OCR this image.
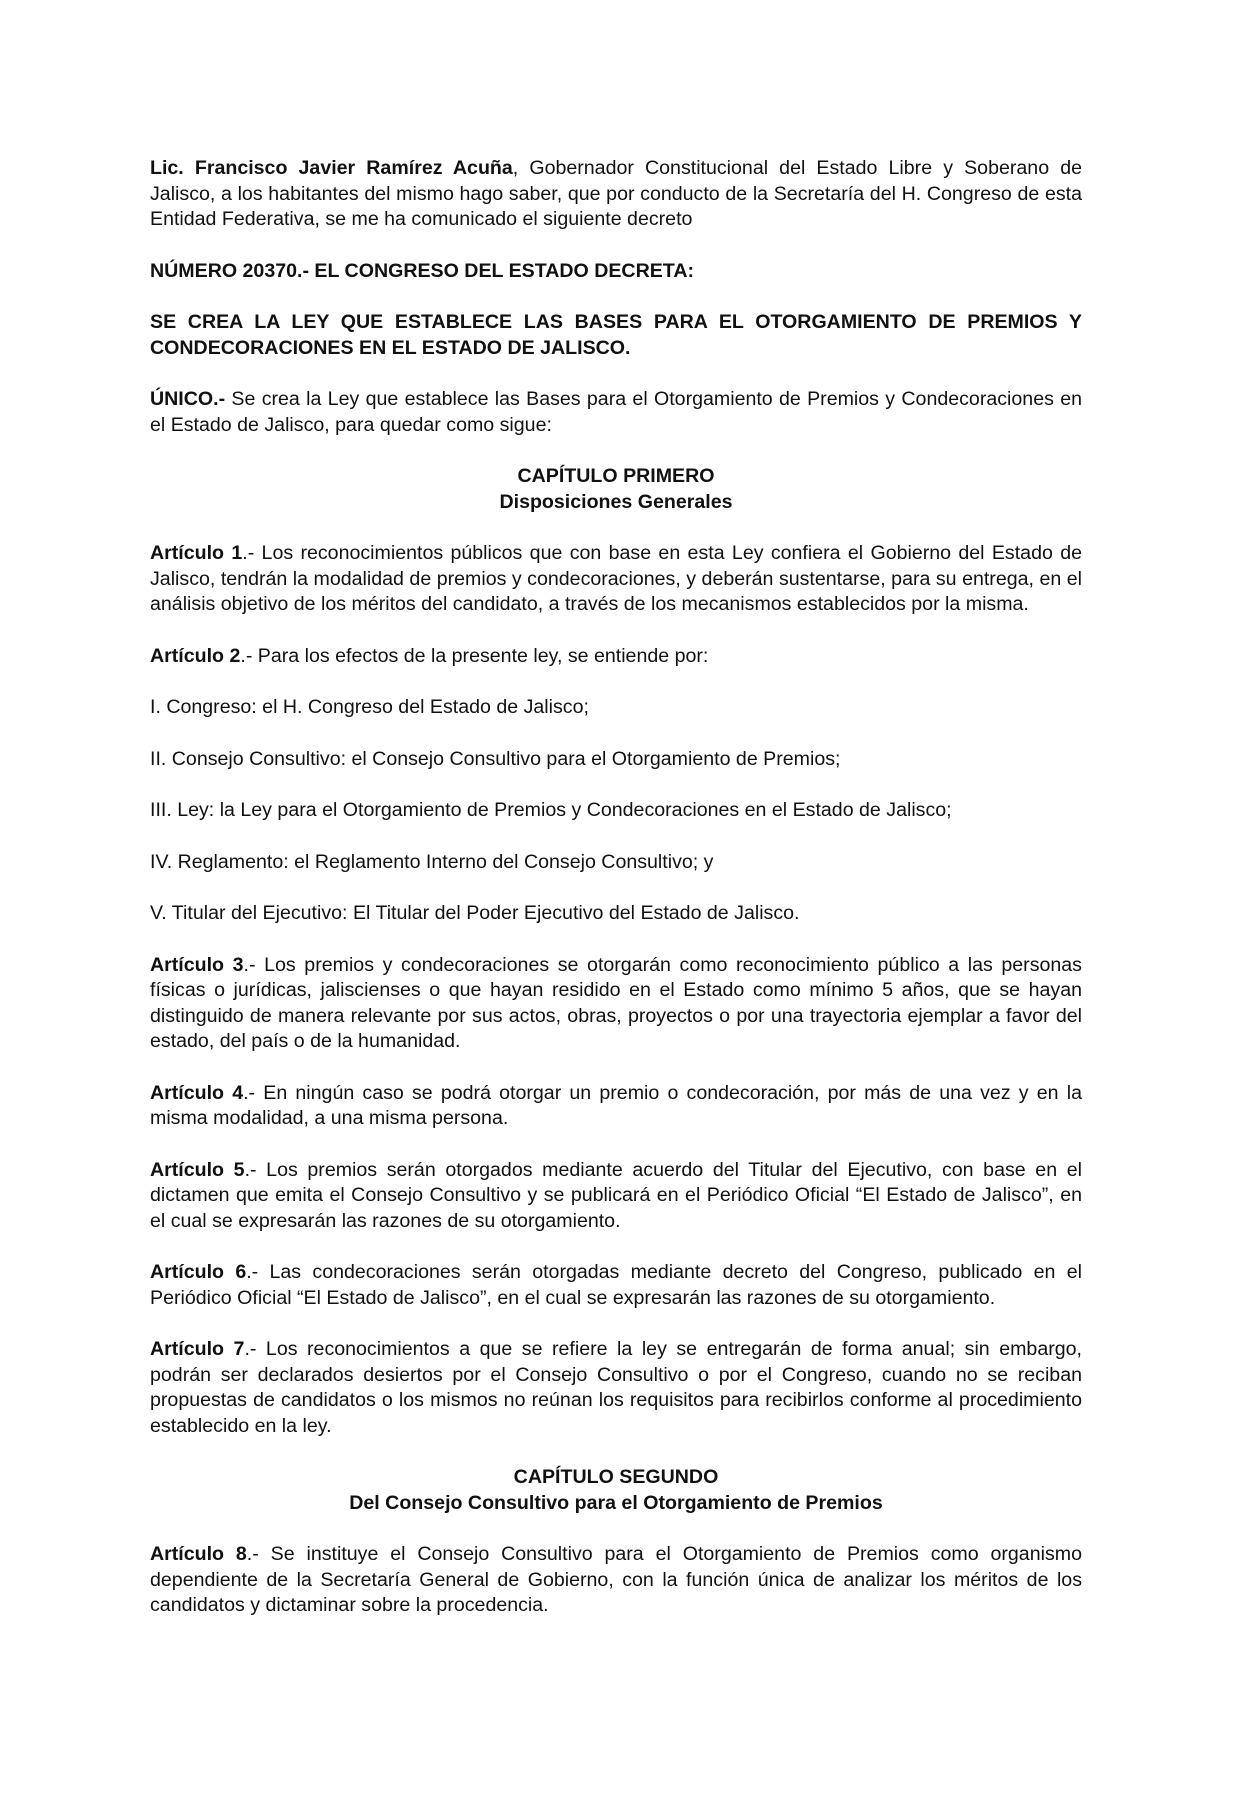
Lic. Francisco Javier Ramírez Acuña, Gobernador Constitucional del Estado Libre y Soberano de Jalisco, a los habitantes del mismo hago saber, que por conducto de la Secretaría del H. Congreso de esta Entidad Federativa, se me ha comunicado el siguiente decreto

NÚMERO 20370.- EL CONGRESO DEL ESTADO DECRETA:

SE CREA LA LEY QUE ESTABLECE LAS BASES PARA EL OTORGAMIENTO DE PREMIOS Y CONDECORACIONES EN EL ESTADO DE JALISCO.

ÚNICO.- Se crea la Ley que establece las Bases para el Otorgamiento de Premios y Condecoraciones en el Estado de Jalisco, para quedar como sigue:

CAPÍTULO PRIMERO
Disposiciones Generales

Artículo 1.- Los reconocimientos públicos que con base en esta Ley confiera el Gobierno del Estado de Jalisco, tendrán la modalidad de premios y condecoraciones, y deberán sustentarse, para su entrega, en el análisis objetivo de los méritos del candidato, a través de los mecanismos establecidos por la misma.

Artículo 2.- Para los efectos de la presente ley, se entiende por:

I. Congreso: el H. Congreso del Estado de Jalisco;

II. Consejo Consultivo: el Consejo Consultivo para el Otorgamiento de Premios;

III. Ley: la Ley para el Otorgamiento de Premios y Condecoraciones en el Estado de Jalisco;

IV. Reglamento: el Reglamento Interno del Consejo Consultivo; y

V. Titular del Ejecutivo: El Titular del Poder Ejecutivo del Estado de Jalisco.

Artículo 3.- Los premios y condecoraciones se otorgarán como reconocimiento público a las personas físicas o jurídicas, jaliscienses o que hayan residido en el Estado como mínimo 5 años, que se hayan distinguido de manera relevante por sus actos, obras, proyectos o por una trayectoria ejemplar a favor del estado, del país o de la humanidad.

Artículo 4.- En ningún caso se podrá otorgar un premio o condecoración, por más de una vez y en la misma modalidad, a una misma persona.

Artículo 5.- Los premios serán otorgados mediante acuerdo del Titular del Ejecutivo, con base en el dictamen que emita el Consejo Consultivo y se publicará en el Periódico Oficial “El Estado de Jalisco”, en el cual se expresarán las razones de su otorgamiento.

Artículo 6.- Las condecoraciones serán otorgadas mediante decreto del Congreso, publicado en el Periódico Oficial “El Estado de Jalisco”, en el cual se expresarán las razones de su otorgamiento.

Artículo 7.- Los reconocimientos a que se refiere la ley se entregarán de forma anual; sin embargo, podrán ser declarados desiertos por el Consejo Consultivo o por el Congreso, cuando no se reciban propuestas de candidatos o los mismos no reúnan los requisitos para recibirlos conforme al procedimiento establecido en la ley.

CAPÍTULO SEGUNDO
Del Consejo Consultivo para el Otorgamiento de Premios

Artículo 8.- Se instituye el Consejo Consultivo para el Otorgamiento de Premios como organismo dependiente de la Secretaría General de Gobierno, con la función única de analizar los méritos de los candidatos y dictaminar sobre la procedencia.
